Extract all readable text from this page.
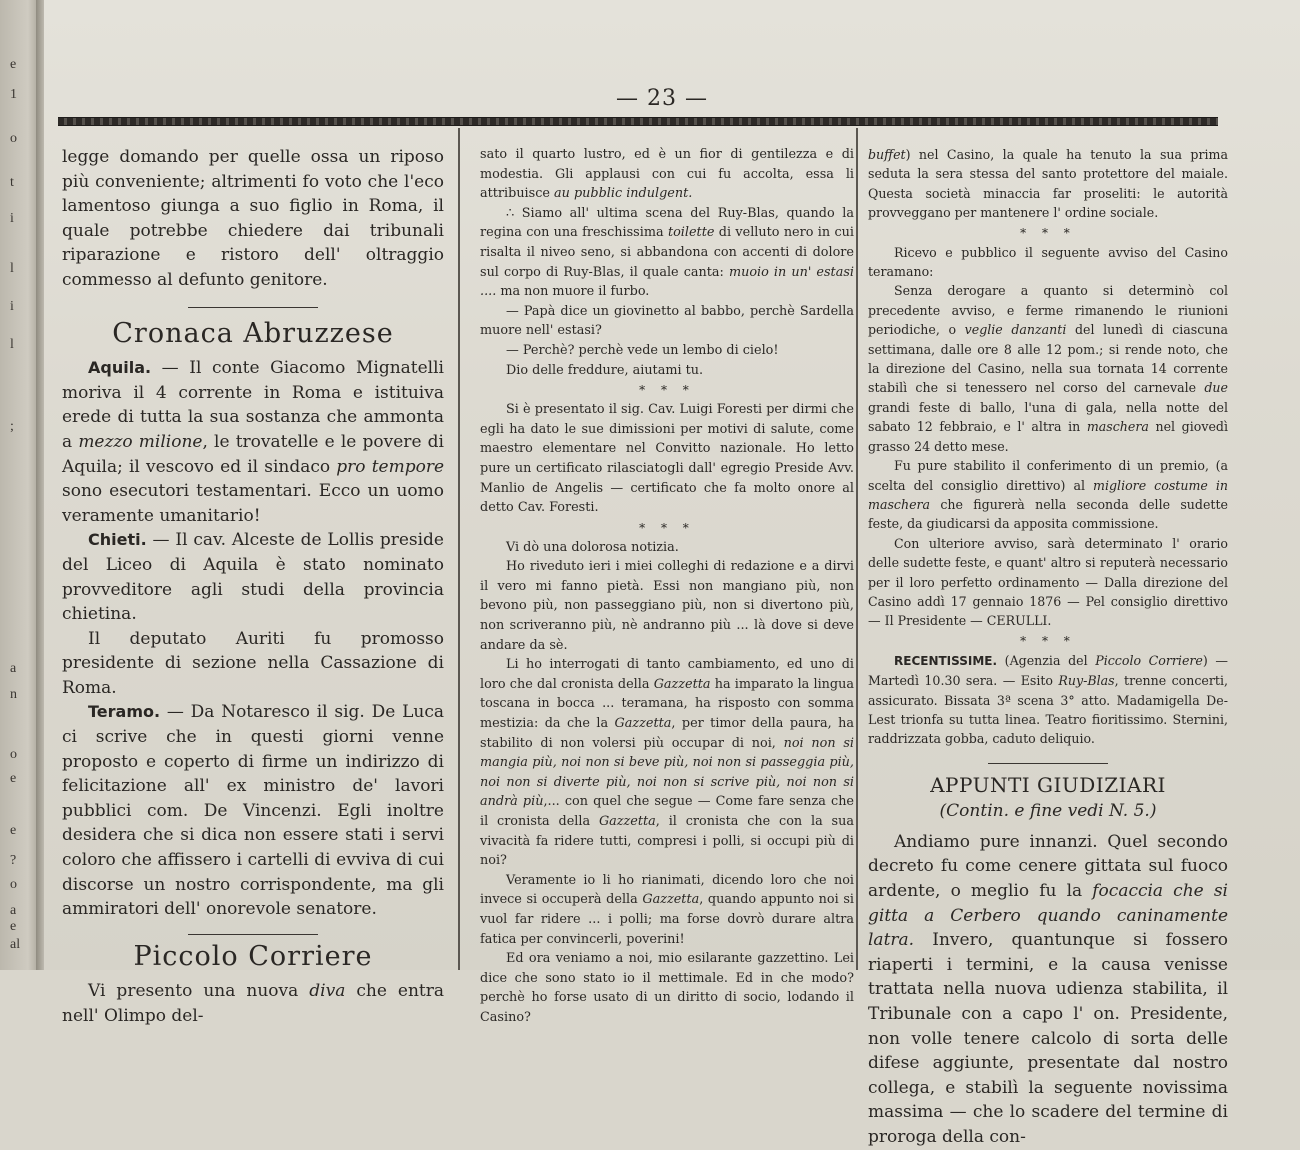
e
1
o
t
i
l
i
l
;
a
n
o
e
e
?
o
a
e
al
— 23 —

legge domando per quelle ossa un riposo più conveniente; altrimenti fo voto che l'eco lamentoso giunga a suo figlio in Roma, il quale potrebbe chiedere dai tribunali riparazione e ristoro dell' oltraggio commesso al defunto genitore.

Cronaca Abruzzese

Aquila. — Il conte Giacomo Mignatelli moriva il 4 corrente in Roma e istituiva erede di tutta la sua sostanza che ammonta a mezzo milione, le trovatelle e le povere di Aquila; il vescovo ed il sindaco pro tempore sono esecutori testamentari. Ecco un uomo veramente umanitario!

Chieti. — Il cav. Alceste de Lollis preside del Liceo di Aquila è stato nominato provveditore agli studi della provincia chietina.

Il deputato Auriti fu promosso presidente di sezione nella Cassazione di Roma.

Teramo. — Da Notaresco il sig. De Luca ci scrive che in questi giorni venne proposto e coperto di firme un indirizzo di felicitazione all' ex ministro de' lavori pubblici com. De Vincenzi. Egli inoltre desidera che si dica non essere stati i servi coloro che affissero i cartelli di evviva di cui discorse un nostro corrispondente, ma gli ammiratori dell' onorevole senatore.

Piccolo Corriere

Vi presento una nuova diva che entra nell' Olimpo del-

sato il quarto lustro, ed è un fior di gentilezza e di modestia. Gli applausi con cui fu accolta, essa li attribuisce au pubblic indulgent.

∴ Siamo all' ultima scena del Ruy-Blas, quando la regina con una freschissima toilette di velluto nero in cui risalta il niveo seno, si abbandona con accenti di dolore sul corpo di Ruy-Blas, il quale canta: muoio in un' estasi .... ma non muore il furbo.

— Papà dice un giovinetto al babbo, perchè Sardella muore nell' estasi?

— Perchè? perchè vede un lembo di cielo!

Dio delle freddure, aiutami tu.

* * *

Si è presentato il sig. Cav. Luigi Foresti per dirmi che egli ha dato le sue dimissioni per motivi di salute, come maestro elementare nel Convitto nazionale. Ho letto pure un certificato rilasciatogli dall' egregio Preside Avv. Manlio de Angelis — certificato che fa molto onore al detto Cav. Foresti.

* * *

Vi dò una dolorosa notizia.

Ho riveduto ieri i miei colleghi di redazione e a dirvi il vero mi fanno pietà. Essi non mangiano più, non bevono più, non passeggiano più, non si divertono più, non scriveranno più, nè andranno più ... là dove si deve andare da sè.

Li ho interrogati di tanto cambiamento, ed uno di loro che dal cronista della Gazzetta ha imparato la lingua toscana in bocca ... teramana, ha risposto con somma mestizia: da che la Gazzetta, per timor della paura, ha stabilito di non volersi più occupar di noi, noi non si mangia più, noi non si beve più, noi non si passeggia più, noi non si diverte più, noi non si scrive più, noi non si andrà più,... con quel che segue — Come fare senza che il cronista della Gazzetta, il cronista che con la sua vivacità fa ridere tutti, compresi i polli, si occupi più di noi?

Veramente io li ho rianimati, dicendo loro che noi invece si occuperà della Gazzetta, quando appunto noi si vuol far ridere ... i polli; ma forse dovrò durare altra fatica per convincerli, poverini!

Ed ora veniamo a noi, mio esilarante gazzettino. Lei dice che sono stato io il mettimale. Ed in che modo? perchè ho forse usato di un diritto di socio, lodando il Casino?

buffet) nel Casino, la quale ha tenuto la sua prima seduta la sera stessa del santo protettore del maiale. Questa società minaccia far proseliti: le autorità provveggano per mantenere l' ordine sociale.

* * *

Ricevo e pubblico il seguente avviso del Casino teramano:

Senza derogare a quanto si determinò col precedente avviso, e ferme rimanendo le riunioni periodiche, o veglie danzanti del lunedì di ciascuna settimana, dalle ore 8 alle 12 pom.; si rende noto, che la direzione del Casino, nella sua tornata 14 corrente stabilì che si tenessero nel corso del carnevale due grandi feste di ballo, l'una di gala, nella notte del sabato 12 febbraio, e l' altra in maschera nel giovedì grasso 24 detto mese.

Fu pure stabilito il conferimento di un premio, (a scelta del consiglio direttivo) al migliore costume in maschera che figurerà nella seconda delle sudette feste, da giudicarsi da apposita commissione.

Con ulteriore avviso, sarà determinato l' orario delle sudette feste, e quant' altro si reputerà necessario per il loro perfetto ordinamento — Dalla direzione del Casino addì 17 gennaio 1876 — Pel consiglio direttivo — Il Presidente — CERULLI.

* * *

RECENTISSIME. (Agenzia del Piccolo Corriere) — Martedì 10.30 sera. — Esito Ruy-Blas, trenne concerti, assicurato. Bissata 3ª scena 3° atto. Madamigella De-Lest trionfa su tutta linea. Teatro fioritissimo. Sternini, raddrizzata gobba, caduto deliquio.

APPUNTI GIUDIZIARI
(Contin. e fine vedi N. 5.)

Andiamo pure innanzi. Quel secondo decreto fu come cenere gittata sul fuoco ardente, o meglio fu la focaccia che si gitta a Cerbero quando caninamente latra. Invero, quantunque si fossero riaperti i termini, e la causa venisse trattata nella nuova udienza stabilita, il Tribunale con a capo l' on. Presidente, non volle tenere calcolo di sorta delle difese aggiunte, presentate dal nostro collega, e stabilì la seguente novissima massima — che lo scadere del termine di proroga della con-
